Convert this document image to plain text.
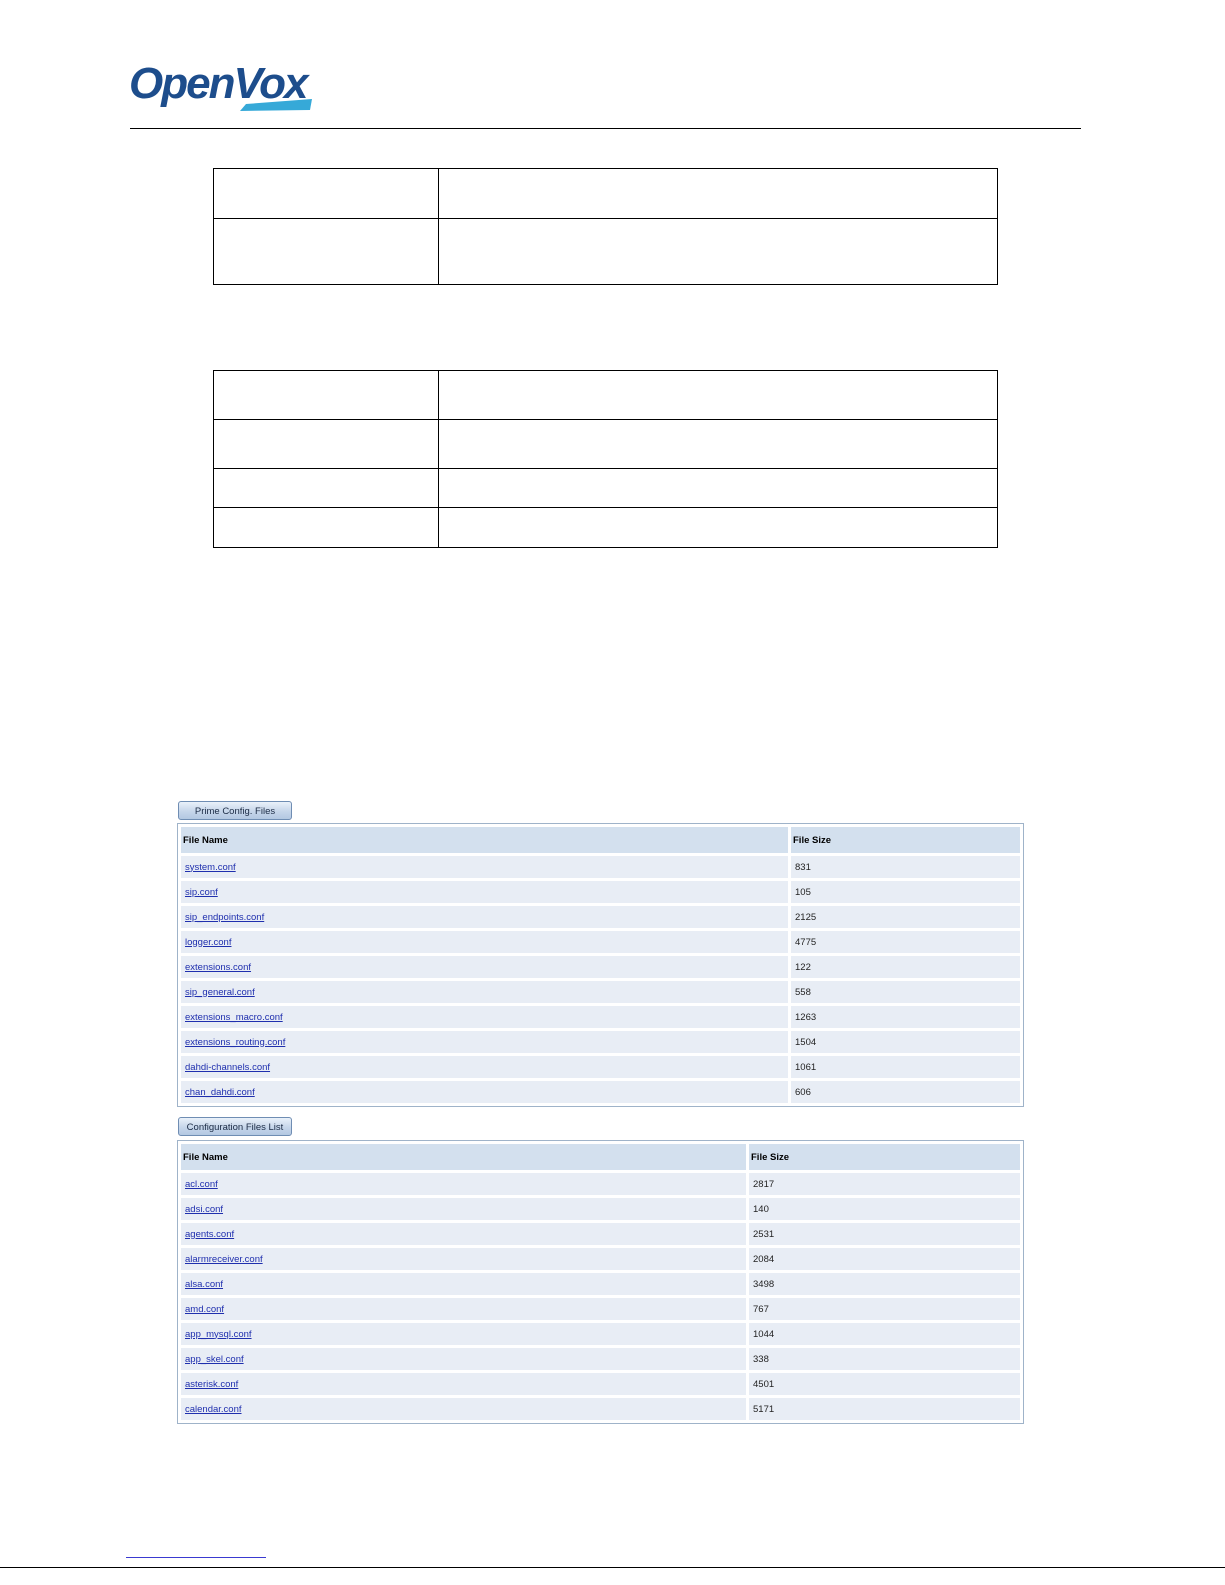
OpenVox

Prime Config. Files
File Name	File Size
system.conf	831
sip.conf	105
sip_endpoints.conf	2125
logger.conf	4775
extensions.conf	122
sip_general.conf	558
extensions_macro.conf	1263
extensions_routing.conf	1504
dahdi-channels.conf	1061
chan_dahdi.conf	606
Configuration Files List
File Name	File Size
acl.conf	2817
adsi.conf	140
agents.conf	2531
alarmreceiver.conf	2084
alsa.conf	3498
amd.conf	767
app_mysql.conf	1044
app_skel.conf	338
asterisk.conf	4501
calendar.conf	5171
